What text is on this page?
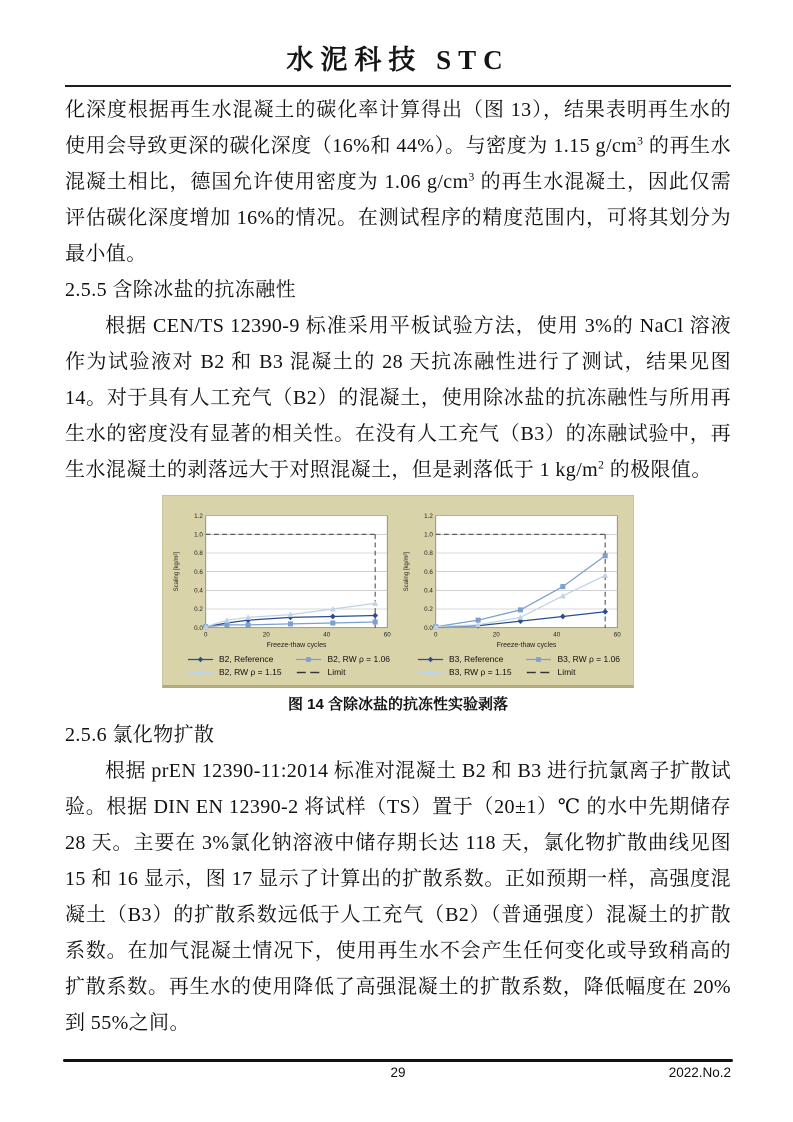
水泥科技 STC

化深度根据再生水混凝土的碳化率计算得出（图 13），结果表明再生水的使用会导致更深的碳化深度（16%和 44%）。与密度为 1.15 $g/cm^3$ 的再生水混凝土相比，德国允许使用密度为 1.06 $g/cm^3$ 的再生水混凝土，因此仅需评估碳化深度增加 16%的情况。在测试程序的精度范围内，可将其划分为最小值。

2.5.5 含除冰盐的抗冻融性

根据 CEN/TS 12390-9 标准采用平板试验方法，使用 3%的 NaCl 溶液作为试验液对 B2 和 B3 混凝土的 28 天抗冻融性进行了测试，结果见图 14。对于具有人工充气（B2）的混凝土，使用除冰盐的抗冻融性与所用再生水的密度没有显著的相关性。在没有人工充气（B3）的冻融试验中，再生水混凝土的剥落远大于对照混凝土，但是剥落低于 1 $kg/m^2$ 的极限值。

0.0
0.2
0.4
0.6
0.8
1.0
1.2
0	20	40	60
Scaling [kg/m²]
Freeze-thaw cycles
B2, Reference	B2, RW ρ = 1.06
B2, RW ρ = 1.15	Limit
0.0
0.2
0.4
0.6
0.8
1.0
1.2
0	20	40	60
Scaling [kg/m²]
Freeze-thaw cycles
B3, Reference	B3, RW ρ = 1.06
B3, RW ρ = 1.15	Limit
图 14 含除冰盐的抗冻性实验剥落
2.5.6 氯化物扩散

根据 prEN 12390-11:2014 标准对混凝土 B2 和 B3 进行抗氯离子扩散试验。根据 DIN EN 12390-2 将试样（TS）置于（20±1）℃ 的水中先期储存 28 天。主要在 3%氯化钠溶液中储存期长达 118 天，氯化物扩散曲线见图 15 和 16 显示，图 17 显示了计算出的扩散系数。正如预期一样，高强度混凝土（B3）的扩散系数远低于人工充气（B2）（普通强度）混凝土的扩散系数。在加气混凝土情况下，使用再生水不会产生任何变化或导致稍高的扩散系数。再生水的使用降低了高强混凝土的扩散系数，降低幅度在 20%到 55%之间。

29	2022.No.2
